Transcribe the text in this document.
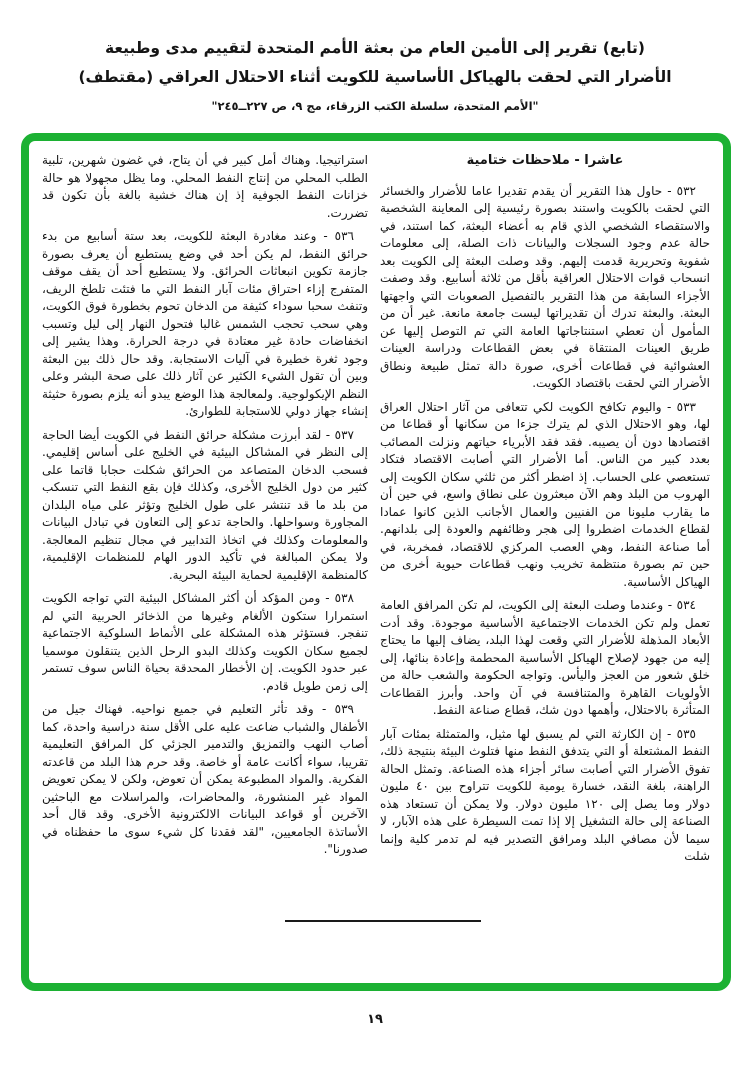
(تابع) تقرير إلى الأمين العام من بعثة الأمم المتحدة لتقييم مدى وطبيعة
الأضرار التي لحقت بالهياكل الأساسية للكويت أثناء الاحتلال العراقي (مقتطف)
"الأمم المتحدة، سلسلة الكتب الزرقاء، مج ٩، ص ٢٢٧ــ٢٤٥"
عاشرا - ملاحظات ختامية

٥٣٢ - حاول هذا التقرير أن يقدم تقديرا عاما للأضرار والخسائر التي لحقت بالكويت واستند بصورة رئيسية إلى المعاينة الشخصية والاستقصاء الشخصي الذي قام به أعضاء البعثة، كما استند، في حالة عدم وجود السجلات والبيانات ذات الصلة، إلى معلومات شفوية وتحريرية قدمت إليهم. وقد وصلت البعثة إلى الكويت بعد انسحاب قوات الاحتلال العراقية بأقل من ثلاثة أسابيع. وقد وصفت الأجزاء السابقة من هذا التقرير بالتفصيل الصعوبات التي واجهتها البعثة. والبعثة تدرك أن تقديراتها ليست جامعة مانعة. غير أن من المأمول أن تعطي استنتاجاتها العامة التي تم التوصل إليها عن طريق العينات المنتقاة في بعض القطاعات ودراسة العينات العشوائية في قطاعات أخرى، صورة دالة تمثل طبيعة ونطاق الأضرار التي لحقت باقتصاد الكويت.

٥٣٣ - واليوم تكافح الكويت لكي تتعافى من آثار احتلال العراق لها، وهو الاحتلال الذي لم يترك جزءا من سكانها أو قطاعا من اقتصادها دون أن يصيبه. فقد فقد الأبرياء حياتهم ونزلت المصائب بعدد كبير من الناس. أما الأضرار التي أصابت الاقتصاد فتكاد تستعصي على الحساب. إذ اضطر أكثر من ثلثي سكان الكويت إلى الهروب من البلد وهم الآن مبعثرون على نطاق واسع، في حين أن ما يقارب مليونا من الفنيين والعمال الأجانب الذين كانوا عمادا لقطاع الخدمات اضطروا إلى هجر وظائفهم والعودة إلى بلدانهم. أما صناعة النفط، وهي العصب المركزي للاقتصاد، فمخربة، في حين تم بصورة منتظمة تخريب ونهب قطاعات حيوية أخرى من الهياكل الأساسية.

٥٣٤ - وعندما وصلت البعثة إلى الكويت، لم تكن المرافق العامة تعمل ولم تكن الخدمات الاجتماعية الأساسية موجودة. وقد أدت الأبعاد المذهلة للأضرار التي وقعت لهذا البلد، يضاف إليها ما يحتاج إليه من جهود لإصلاح الهياكل الأساسية المحطمة وإعادة بنائها، إلى خلق شعور من العجز واليأس. وتواجه الحكومة والشعب حالة من الأولويات القاهرة والمتنافسة في آن واحد. وأبرز القطاعات المتأثرة بالاحتلال، وأهمها دون شك، قطاع صناعة النفط.

٥٣٥ - إن الكارثة التي لم يسبق لها مثيل، والمتمثلة بمئات آبار النفط المشتعلة أو التي يتدفق النفط منها فتلوث البيئة بنتيجة ذلك، تفوق الأضرار التي أصابت سائر أجزاء هذه الصناعة. وتمثل الحالة الراهنة، بلغة النقد، خسارة يومية للكويت تتراوح بين ٤٠ مليون دولار وما يصل إلى ١٢٠ مليون دولار. ولا يمكن أن تستعاد هذه الصناعة إلى حالة التشغيل إلا إذا تمت السيطرة على هذه الآبار، لا سيما لأن مصافي البلد ومرافق التصدير فيه لم تدمر كلية وإنما شلت

استراتيجيا. وهناك أمل كبير في أن يتاح، في غضون شهرين، تلبية الطلب المحلي من إنتاج النفط المحلي. وما يظل مجهولا هو حالة خزانات النفط الجوفية إذ إن هناك خشية بالغة بأن تكون قد تضررت.

٥٣٦ - وعند مغادرة البعثة للكويت، بعد ستة أسابيع من بدء حرائق النفط، لم يكن أحد في وضع يستطيع أن يعرف بصورة جازمة تكوين انبعاثات الحرائق. ولا يستطيع أحد أن يقف موقف المتفرج إزاء احتراق مئات آبار النفط التي ما فتئت تلطخ الريف، وتنفث سحبا سوداء كثيفة من الدخان تحوم بخطورة فوق الكويت، وهي سحب تحجب الشمس غالبا فتحول النهار إلى ليل وتسبب انخفاضات حادة غير معتادة في درجة الحرارة. وهذا يشير إلى وجود ثغرة خطيرة في آليات الاستجابة. وقد حال ذلك بين البعثة وبين أن تقول الشيء الكثير عن آثار ذلك على صحة البشر وعلى النظم الإيكولوجية. ولمعالجة هذا الوضع يبدو أنه يلزم بصورة حثيثة إنشاء جهاز دولي للاستجابة للطوارئ.

٥٣٧ - لقد أبرزت مشكلة حرائق النفط في الكويت أيضا الحاجة إلى النظر في المشاكل البيئية في الخليج على أساس إقليمي. فسحب الدخان المتصاعد من الحرائق شكلت حجابا قاتما على كثير من دول الخليج الأخرى، وكذلك فإن بقع النفط التي تنسكب من بلد ما قد تنتشر على طول الخليج وتؤثر على مياه البلدان المجاورة وسواحلها. والحاجة تدعو إلى التعاون في تبادل البيانات والمعلومات وكذلك في اتخاذ التدابير في مجال تنظيم المعالجة. ولا يمكن المبالغة في تأكيد الدور الهام للمنظمات الإقليمية، كالمنظمة الإقليمية لحماية البيئة البحرية.

٥٣٨ - ومن المؤكد أن أكثر المشاكل البيئية التي تواجه الكويت استمرارا ستكون الألغام وغيرها من الذخائر الحربية التي لم تنفجر. فستؤثر هذه المشكلة على الأنماط السلوكية الاجتماعية لجميع سكان الكويت وكذلك البدو الرحل الذين يتنقلون موسميا عبر حدود الكويت. إن الأخطار المحدقة بحياة الناس سوف تستمر إلى زمن طويل قادم.

٥٣٩ - وقد تأثر التعليم في جميع نواحيه. فهناك جيل من الأطفال والشباب ضاعت عليه على الأقل سنة دراسية واحدة، كما أصاب النهب والتمزيق والتدمير الجزئي كل المرافق التعليمية تقريبا، سواء أكانت عامة أو خاصة. وقد حرم هذا البلد من قاعدته الفكرية. والمواد المطبوعة يمكن أن تعوض، ولكن لا يمكن تعويض المواد غير المنشورة، والمحاضرات، والمراسلات مع الباحثين الآخرين أو قواعد البيانات الالكترونية الأخرى. وقد قال أحد الأساتذة الجامعيين، "لقد فقدنا كل شيء سوى ما حفظناه في صدورنا".

١٩
